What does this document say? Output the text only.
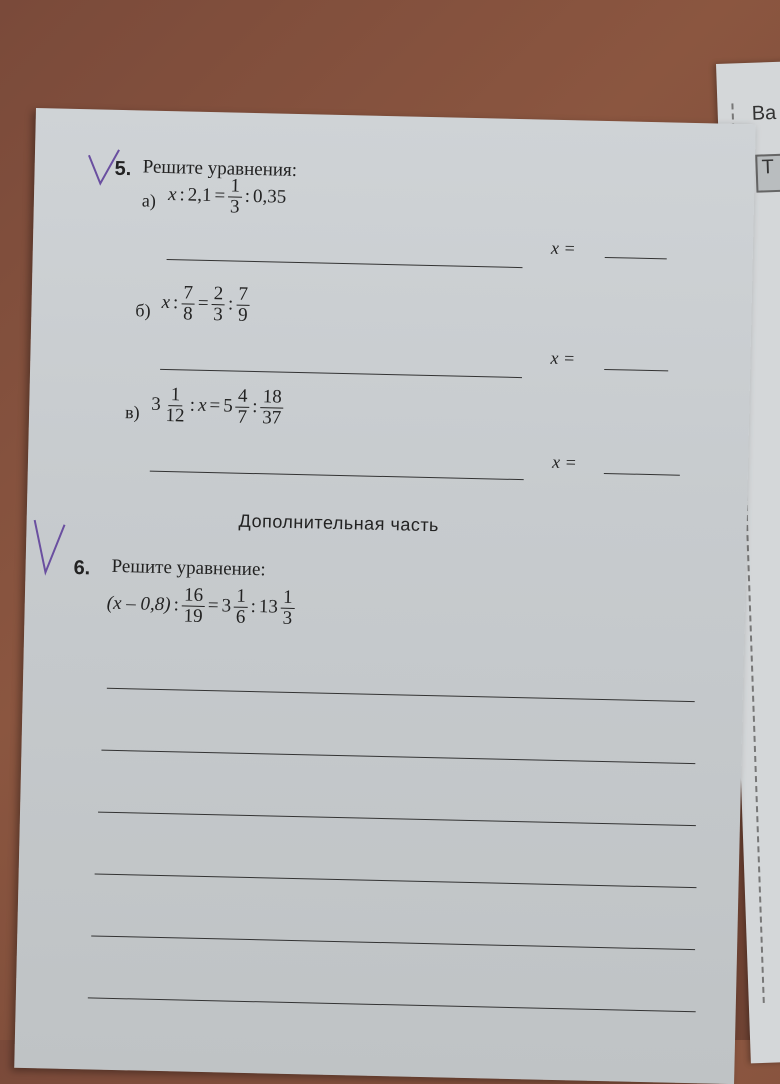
Ва
Т
5. Решите уравнения:
а) x : $2,1 = \frac{1}{3}$ : 0,35
x =
б) x : $\frac{7}{8} = \frac{2}{3}$ : $\frac{7}{9}$
x =
в) $3 \frac{1}{12}$ : $x = 5 \frac{4}{7}$ : $\frac{18}{37}$
x =
Дополнительная часть
6. Решите уравнение:
(x – 0,8) : $\frac{16}{19} = 3 \frac{1}{6}$ : $13 \frac{1}{3}$
